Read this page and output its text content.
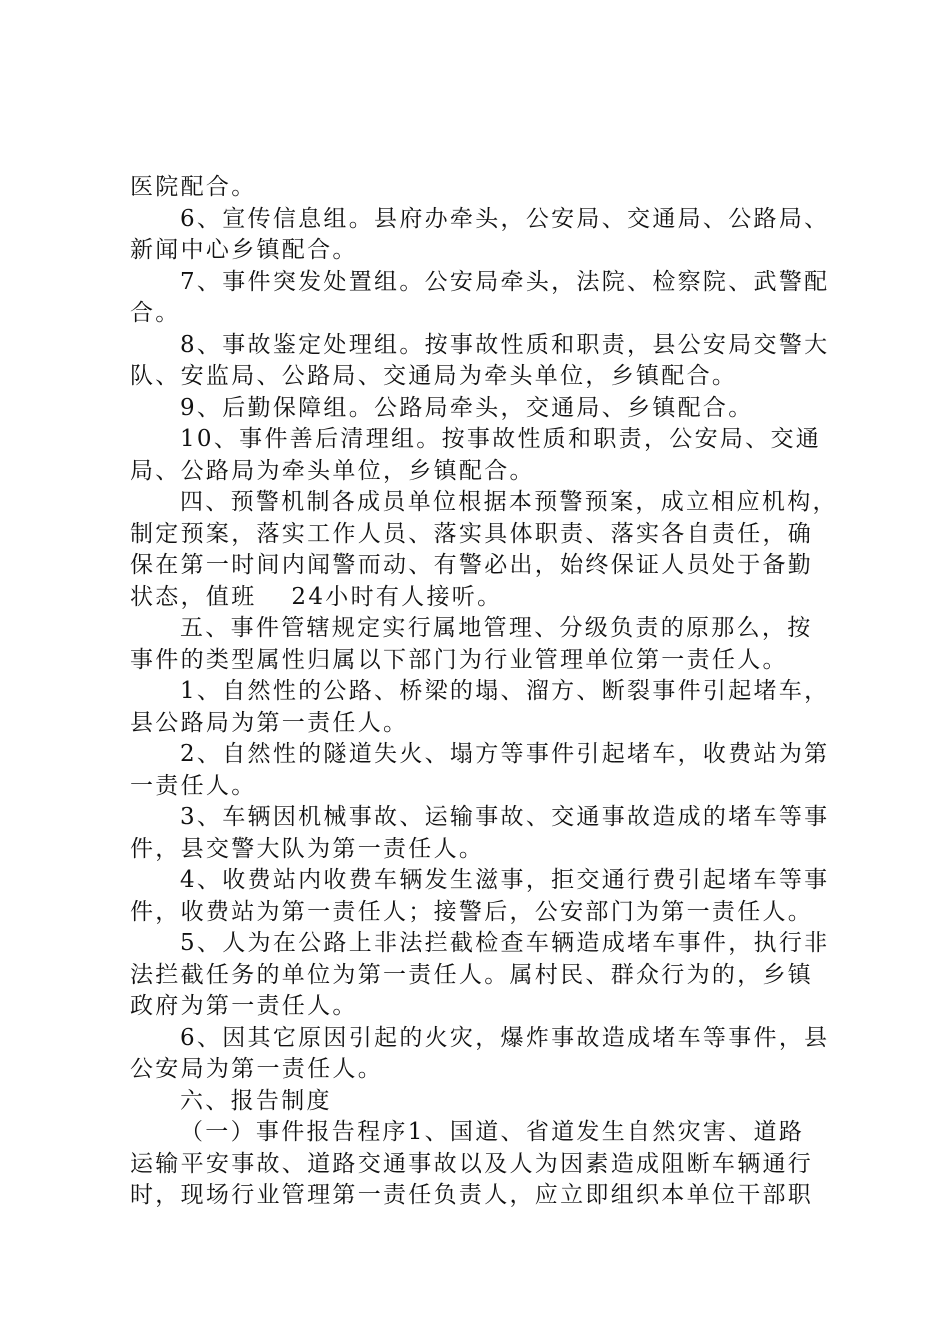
医院配合。
6、宣传信息组。县府办牵头，公安局、交通局、公路局、
新闻中心乡镇配合。
7、事件突发处置组。公安局牵头，法院、检察院、武警配
合。
8、事故鉴定处理组。按事故性质和职责，县公安局交警大
队、安监局、公路局、交通局为牵头单位，乡镇配合。
9、后勤保障组。公路局牵头，交通局、乡镇配合。
10、事件善后清理组。按事故性质和职责，公安局、交通
局、公路局为牵头单位，乡镇配合。
四、预警机制各成员单位根据本预警预案，成立相应机构，
制定预案，落实工作人员、落实具体职责、落实各自责任，确
保在第一时间内闻警而动、有警必出，始终保证人员处于备勤
状态，值班　 24小时有人接听。
五、事件管辖规定实行属地管理、分级负责的原那么，按
事件的类型属性归属以下部门为行业管理单位第一责任人。
1、自然性的公路、桥梁的塌、溜方、断裂事件引起堵车，
县公路局为第一责任人。
2、自然性的隧道失火、塌方等事件引起堵车，收费站为第
一责任人。
3、车辆因机械事故、运输事故、交通事故造成的堵车等事
件，县交警大队为第一责任人。
4、收费站内收费车辆发生滋事，拒交通行费引起堵车等事
件，收费站为第一责任人；接警后，公安部门为第一责任人。
5、人为在公路上非法拦截检查车辆造成堵车事件，执行非
法拦截任务的单位为第一责任人。属村民、群众行为的，乡镇
政府为第一责任人。
6、因其它原因引起的火灾，爆炸事故造成堵车等事件，县
公安局为第一责任人。
六、报告制度
（一）事件报告程序1、国道、省道发生自然灾害、道路
运输平安事故、道路交通事故以及人为因素造成阻断车辆通行
时，现场行业管理第一责任负责人，应立即组织本单位干部职
